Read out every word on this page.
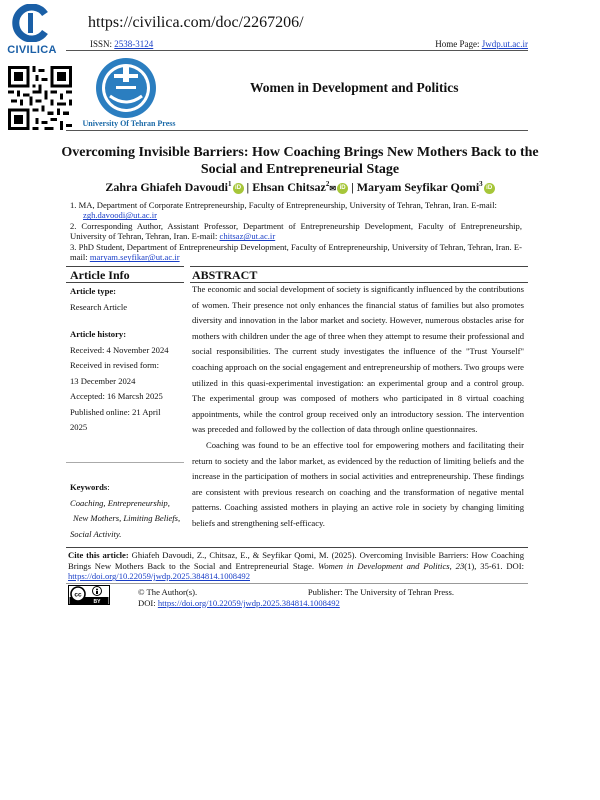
CIVILICA
https://civilica.com/doc/2267206/
ISSN: 2538-3124	Home Page: Jwdp.ut.ac.ir
University Of Tehran Press
Women in Development and Politics
Overcoming Invisible Barriers: How Coaching Brings New Mothers Back to the Social and Entrepreneurial Stage
Zahra Ghiafeh Davoudi$^1$ iD | Ehsan Chitsaz$^2$✉ iD | Maryam Seyfikar Qomi$^3$ iD
1. MA, Department of Corporate Entrepreneurship, Faculty of Entrepreneurship, University of Tehran, Tehran, Iran. E-mail:
zgh.davoodi@ut.ac.ir
2. Corresponding Author, Assistant Professor, Department of Entrepreneurship Development, Faculty of Entrepreneurship, University of Tehran, Tehran, Iran. E-mail: chitsaz@ut.ac.ir
3. PhD Student, Department of Entrepreneurship Development, Faculty of Entrepreneurship, University of Tehran, Tehran, Iran. E-mail: maryam.seyfikar@ut.ac.ir
Article Info	ABSTRACT
Article type:
Research Article
Article history:
Received: 4 November 2024
Received in revised form:
13 December 2024
Accepted: 16 Marcsh 2025
Published online: 21 April
2025
Keywords:
Coaching, Entrepreneurship,
New Mothers, Limiting Beliefs,
Social Activity.

The economic and social development of society is significantly influenced by the contributions of women. Their presence not only enhances the financial status of families but also promotes diversity and innovation in the labor market and society. However, numerous obstacles arise for mothers with children under the age of three when they attempt to resume their professional and social responsibilities. The current study investigates the influence of the "Trust Yourself" coaching approach on the social engagement and entrepreneurship of mothers. Two groups were utilized in this quasi-experimental investigation: an experimental group and a control group. The experimental group was composed of mothers who participated in 8 virtual coaching appointments, while the control group received only an introductory session. The intervention was preceded and followed by the collection of data through online questionnaires.

Coaching was found to be an effective tool for empowering mothers and facilitating their return to society and the labor market, as evidenced by the reduction of limiting beliefs and the increase in the participation of mothers in social activities and entrepreneurship. These findings are consistent with previous research on coaching and the transformation of negative mental patterns. Coaching assisted mothers in playing an active role in society by changing limiting beliefs and strengthening self-efficacy.

Cite this article: Ghiafeh Davoudi, Z., Chitsaz, E., & Seyfikar Qomi, M. (2025). Overcoming Invisible Barriers: How Coaching Brings New Mothers Back to the Social and Entrepreneurial Stage. Women in Development and Politics, 23(1), 35-61. DOI: https://doi.org/10.22059/jwdp.2025.384814.1008492
cc
BY
© The Author(s).	Publisher: The University of Tehran Press.
DOI: https://doi.org/10.22059/jwdp.2025.384814.1008492
